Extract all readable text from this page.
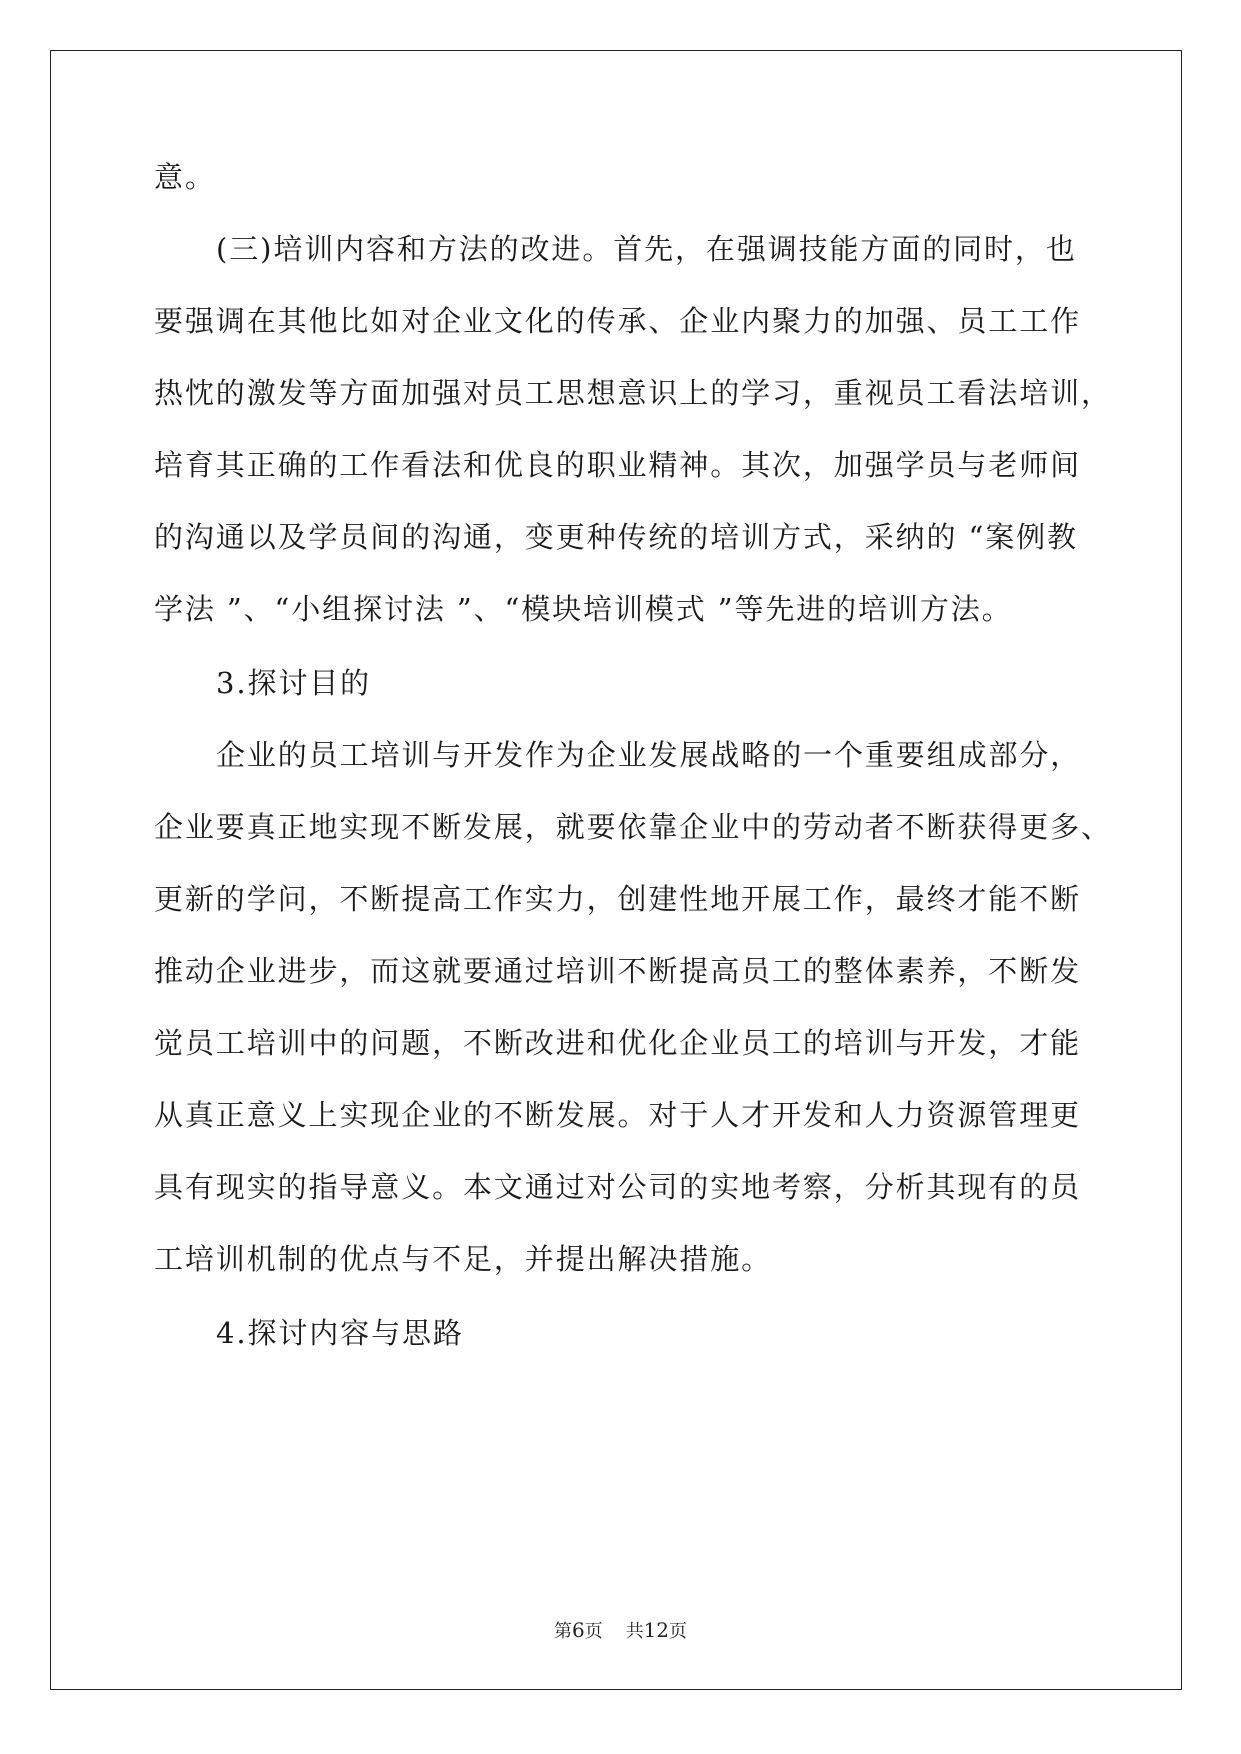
意。
(三)培训内容和方法的改进。首先，在强调技能方面的同时，也
要强调在其他比如对企业文化的传承、企业内聚力的加强、员工工作
热忱的激发等方面加强对员工思想意识上的学习，重视员工看法培训，
培育其正确的工作看法和优良的职业精神。其次，加强学员与老师间
的沟通以及学员间的沟通，变更种传统的培训方式，采纳的 “案例教
学法 ”、“小组探讨法 ”、“模块培训模式 ”等先进的培训方法。
3.探讨目的
企业的员工培训与开发作为企业发展战略的一个重要组成部分，
企业要真正地实现不断发展，就要依靠企业中的劳动者不断获得更多、
更新的学问，不断提高工作实力，创建性地开展工作，最终才能不断
推动企业进步，而这就要通过培训不断提高员工的整体素养，不断发
觉员工培训中的问题，不断改进和优化企业员工的培训与开发，才能
从真正意义上实现企业的不断发展。对于人才开发和人力资源管理更
具有现实的指导意义。本文通过对公司的实地考察，分析其现有的员
工培训机制的优点与不足，并提出解决措施。
4.探讨内容与思路
第6页 共12页
